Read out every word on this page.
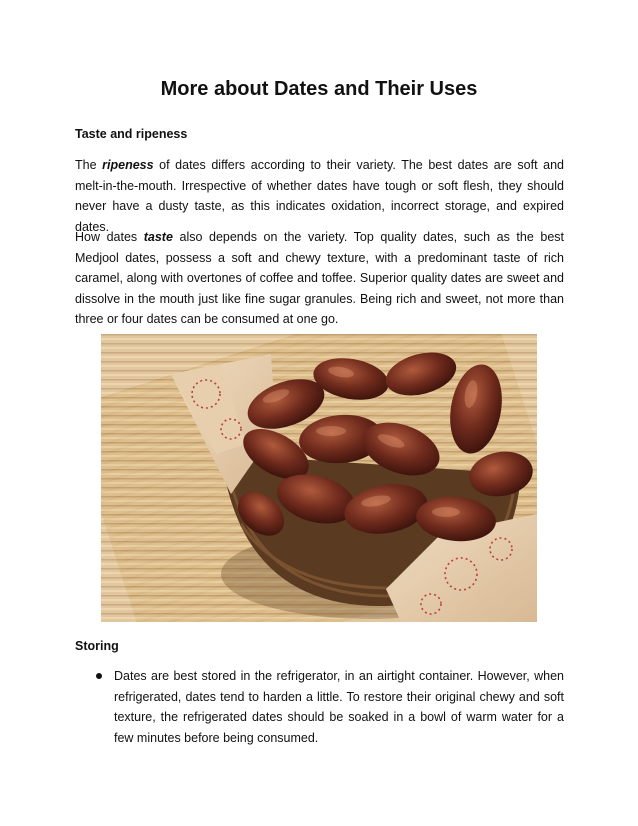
More about Dates and Their Uses
Taste and ripeness

The ripeness of dates differs according to their variety. The best dates are soft and melt-in-the-mouth. Irrespective of whether dates have tough or soft flesh, they should never have a dusty taste, as this indicates oxidation, incorrect storage, and expired dates.

How dates taste also depends on the variety. Top quality dates, such as the best Medjool dates, possess a soft and chewy texture, with a predominant taste of rich caramel, along with overtones of coffee and toffee. Superior quality dates are sweet and dissolve in the mouth just like fine sugar granules. Being rich and sweet, not more than three or four dates can be consumed at one go.

Storing
Dates are best stored in the refrigerator, in an airtight container. However, when refrigerated, dates tend to harden a little. To restore their original chewy and soft texture, the refrigerated dates should be soaked in a bowl of warm water for a few minutes before being consumed.
